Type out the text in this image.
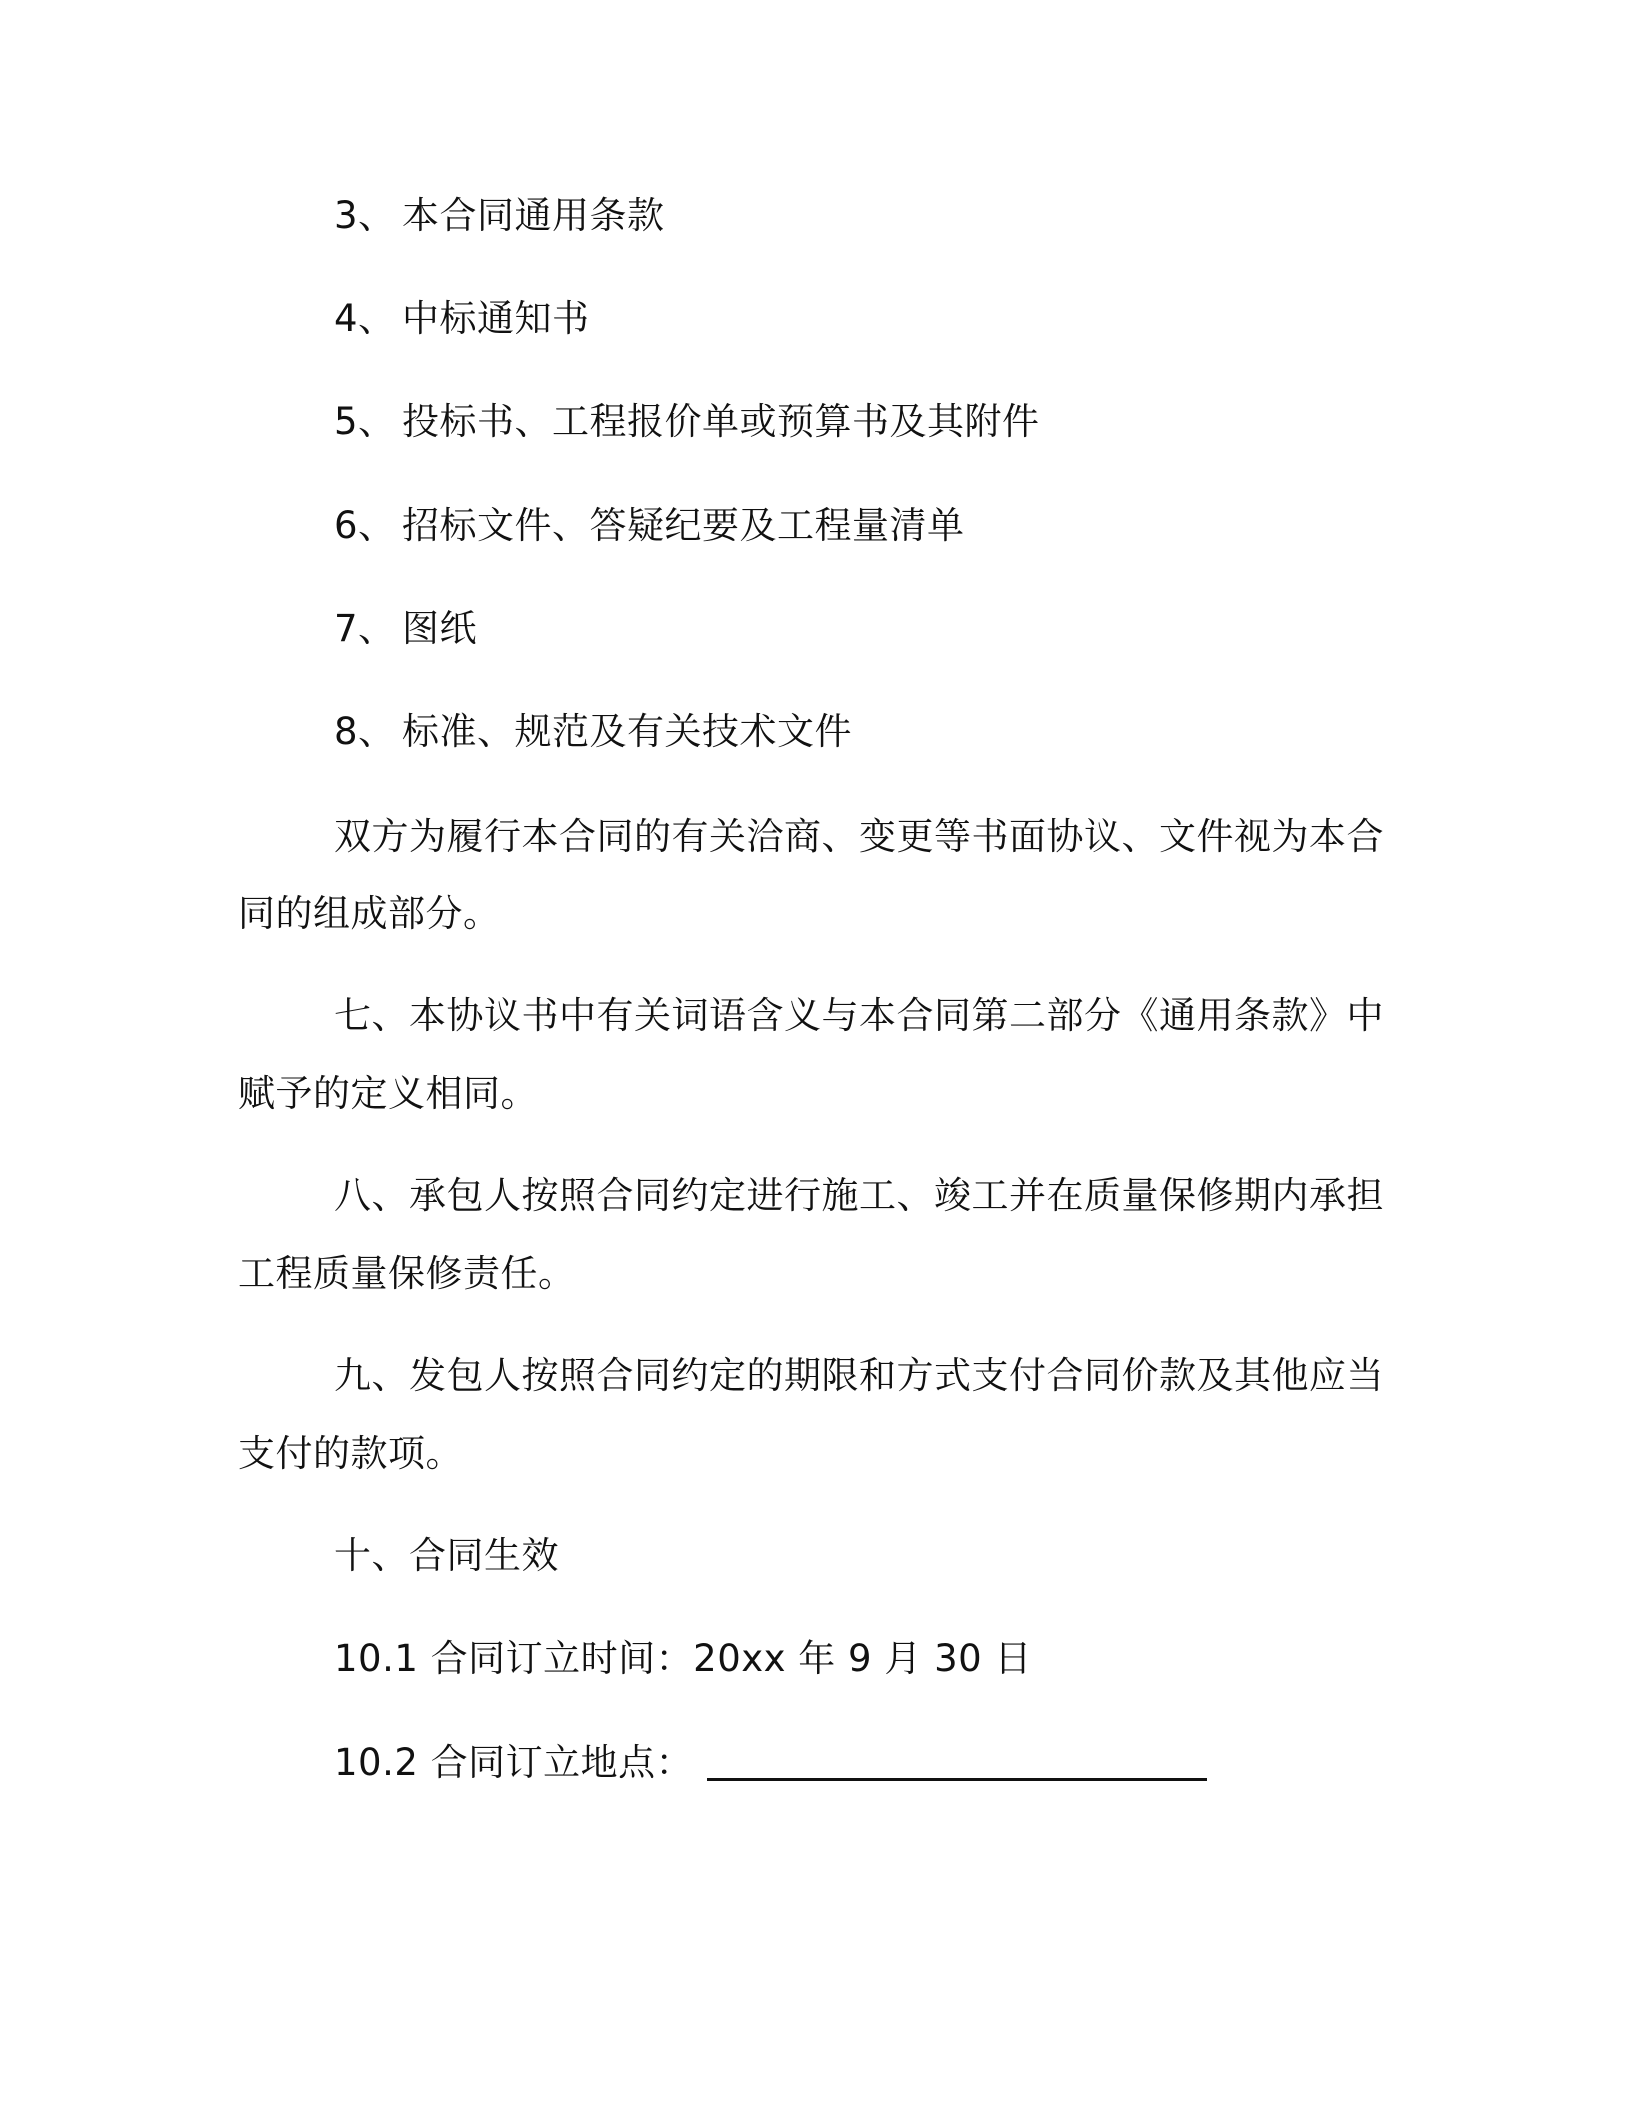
3、 本合同通用条款
4、 中标通知书
5、 投标书、工程报价单或预算书及其附件
6、 招标文件、答疑纪要及工程量清单
7、 图纸
8、 标准、规范及有关技术文件
双方为履行本合同的有关洽商、变更等书面协议、文件视为本合
同的组成部分。
七、本协议书中有关词语含义与本合同第二部分《通用条款》中
赋予的定义相同。
八、承包人按照合同约定进行施工、竣工并在质量保修期内承担
工程质量保修责任。
九、发包人按照合同约定的期限和方式支付合同价款及其他应当
支付的款项。
十、合同生效
10.1 合同订立时间：20xx 年 9 月 30 日
10.2 合同订立地点：
